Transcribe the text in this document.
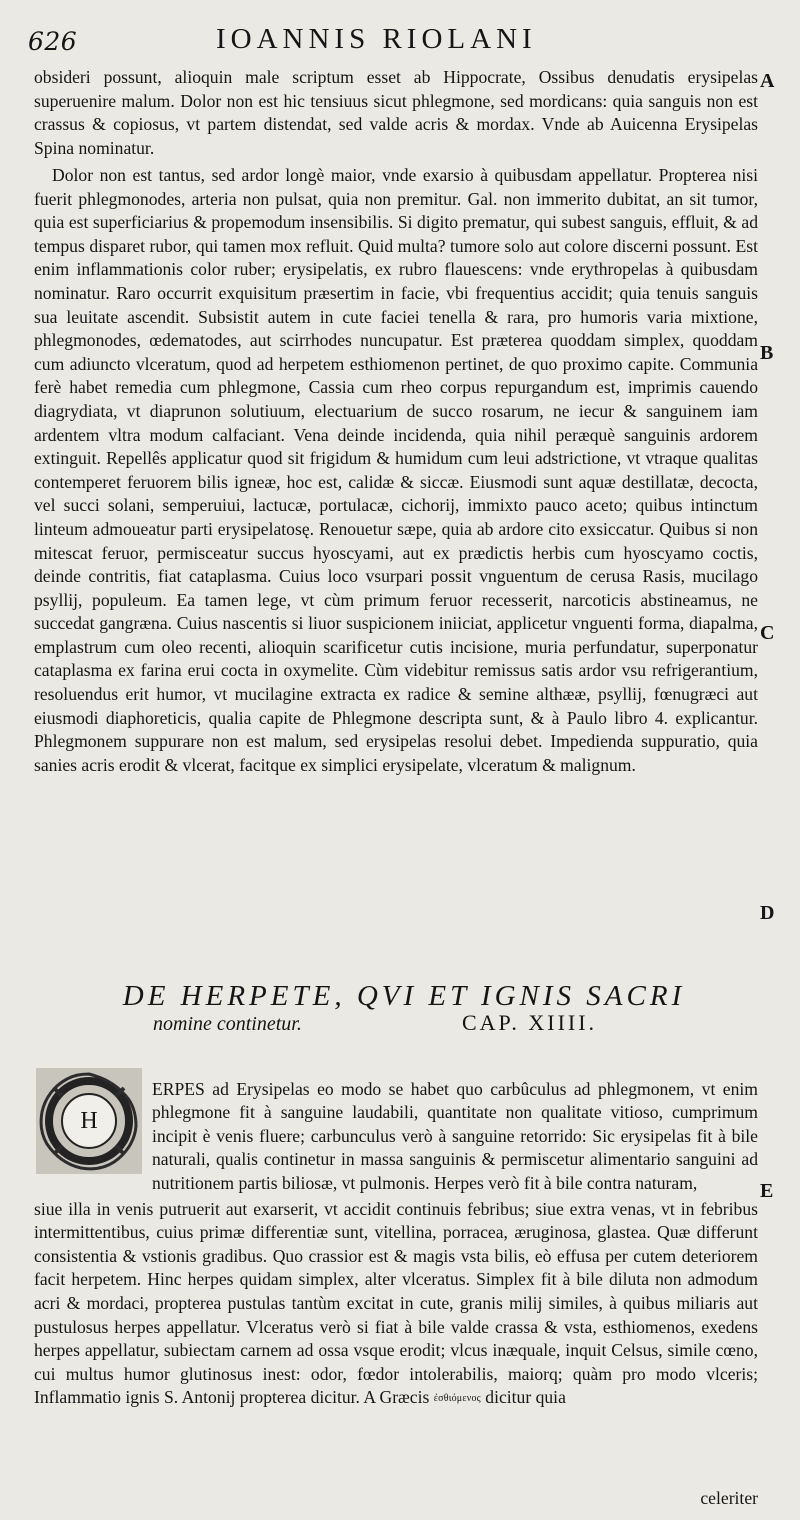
626	IOANNIS RIOLANI

obsideri possunt, alioquin male scriptum esset ab Hippocrate, Ossibus denudatis erysipelas superuenire malum. Dolor non est hic tensiuus sicut phlegmone, sed mordicans: quia sanguis non est crassus & copiosus, vt partem distendat, sed valde acris & mordax. Vnde ab Auicenna Erysipelas Spina nominatur.

Dolor non est tantus, sed ardor longè maior, vnde exarsio à quibusdam appellatur. Propterea nisi fuerit phlegmonodes, arteria non pulsat, quia non premitur. Gal. non immerito dubitat, an sit tumor, quia est superficiarius & propemodum insensibilis. Si digito prematur, qui subest sanguis, effluit, & ad tempus disparet rubor, qui tamen mox refluit. Quid multa? tumore solo aut colore discerni possunt. Est enim inflammationis color ruber; erysipelatis, ex rubro flauescens: vnde erythropelas à quibusdam nominatur. Raro occurrit exquisitum præsertim in facie, vbi frequentius accidit; quia tenuis sanguis sua leuitate ascendit. Subsistit autem in cute faciei tenella & rara, pro humoris varia mixtione, phlegmonodes, œdematodes, aut scirrhodes nuncupatur. Est præterea quoddam simplex, quoddam cum adiuncto vlceratum, quod ad herpetem esthiomenon pertinet, de quo proximo capite. Communia ferè habet remedia cum phlegmone, Cassia cum rheo corpus repurgandum est, imprimis cauendo diagrydiata, vt diaprunon solutiuum, electuarium de succo rosarum, ne iecur & sanguinem iam ardentem vltra modum calfaciant. Vena deinde incidenda, quia nihil peræquè sanguinis ardorem extinguit. Repellês applicatur quod sit frigidum & humidum cum leui adstrictione, vt vtraque qualitas contemperet feruorem bilis igneæ, hoc est, calidæ & siccæ. Eiusmodi sunt aquæ destillatæ, decocta, vel succi solani, semperuiui, lactucæ, portulacæ, cichorij, immixto pauco aceto; quibus intinctum linteum admoueatur parti erysipelatosę. Renouetur sæpe, quia ab ardore cito exsiccatur. Quibus si non mitescat feruor, permisceatur succus hyoscyami, aut ex prædictis herbis cum hyoscyamo coctis, deinde contritis, fiat cataplasma. Cuius loco vsurpari possit vnguentum de cerusa Rasis, mucilago psyllij, populeum. Ea tamen lege, vt cùm primum feruor recesserit, narcoticis abstineamus, ne succedat gangræna. Cuius nascentis si liuor suspicionem iniiciat, applicetur vnguenti forma, diapalma, emplastrum cum oleo recenti, alioquin scarificetur cutis incisione, muria perfundatur, superponatur cataplasma ex farina erui cocta in oxymelite. Cùm videbitur remissus satis ardor vsu refrigerantium, resoluendus erit humor, vt mucilagine extracta ex radice & semine althææ, psyllij, fœnugræci aut eiusmodi diaphoreticis, qualia capite de Phlegmone descripta sunt, & à Paulo libro 4. explicantur. Phlegmonem suppurare non est malum, sed erysipelas resolui debet. Impedienda suppuratio, quia sanies acris erodit & vlcerat, facitque ex simplici erysipelate, vlceratum & malignum.

A
B
C
D
E
DE HERPETE, QVI ET IGNIS SACRI
nomine continetur.	CAP. XIIII.
H

ERPES ad Erysipelas eo modo se habet quo carbûculus ad phlegmonem, vt enim phlegmone fit à sanguine laudabili, quantitate non qualitate vitioso, cumprimum incipit è venis fluere; carbunculus verò à sanguine retorrido: Sic erysipelas fit à bile naturali, qualis continetur in massa sanguinis & permiscetur alimentario sanguini ad nutritionem partis biliosæ, vt pulmonis. Herpes verò fit à bile contra naturam,

siue illa in venis putruerit aut exarserit, vt accidit continuis febribus; siue extra venas, vt in febribus intermittentibus, cuius primæ differentiæ sunt, vitellina, porracea, æruginosa, glastea. Quæ differunt consistentia & vstionis gradibus. Quo crassior est & magis vsta bilis, eò effusa per cutem deteriorem facit herpetem. Hinc herpes quidam simplex, alter vlceratus. Simplex fit à bile diluta non admodum acri & mordaci, propterea pustulas tantùm excitat in cute, granis milij similes, à quibus miliaris aut pustulosus herpes appellatur. Vlceratus verò si fiat à bile valde crassa & vsta, esthiomenos, exedens herpes appellatur, subiectam carnem ad ossa vsque erodit; vlcus inæquale, inquit Celsus, simile cœno, cui multus humor glutinosus inest: odor, fœdor intolerabilis, maiorq; quàm pro modo vlceris; Inflammatio ignis S. Antonij propterea dicitur. A Græcis ἐσθιόμενος dicitur quia

celeriter
